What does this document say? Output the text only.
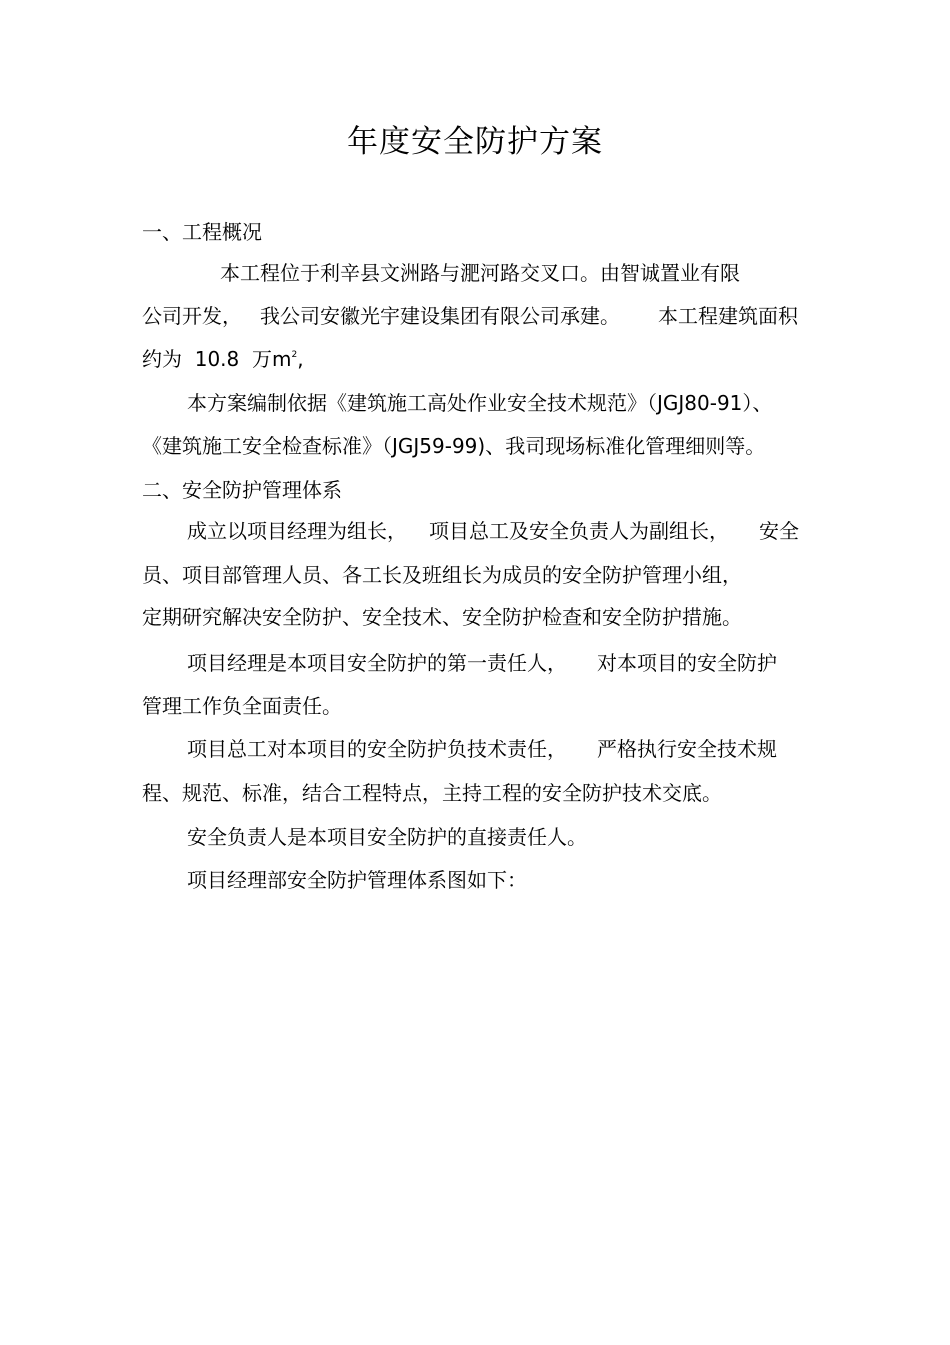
年度安全防护方案
一、工程概况
本工程位于利辛县文洲路与淝河路交叉口。由智诚置业有限
公司开发， 我公司安徽光宇建设集团有限公司承建。 本工程建筑面积
约为  10.8  万$m^2$,
本方案编制依据《建筑施工高处作业安全技术规范》（JGJ80-91）、
《建筑施工安全检查标准》（JGJ59-99)、我司现场标准化管理细则等。
二、安全防护管理体系
成立以项目经理为组长， 项目总工及安全负责人为副组长， 安全
员、项目部管理人员、各工长及班组长为成员的安全防护管理小组，
定期研究解决安全防护、安全技术、安全防护检查和安全防护措施。
项目经理是本项目安全防护的第一责任人， 对本项目的安全防护
管理工作负全面责任。
项目总工对本项目的安全防护负技术责任， 严格执行安全技术规
程、规范、标准，结合工程特点，主持工程的安全防护技术交底。
安全负责人是本项目安全防护的直接责任人。
项目经理部安全防护管理体系图如下：
